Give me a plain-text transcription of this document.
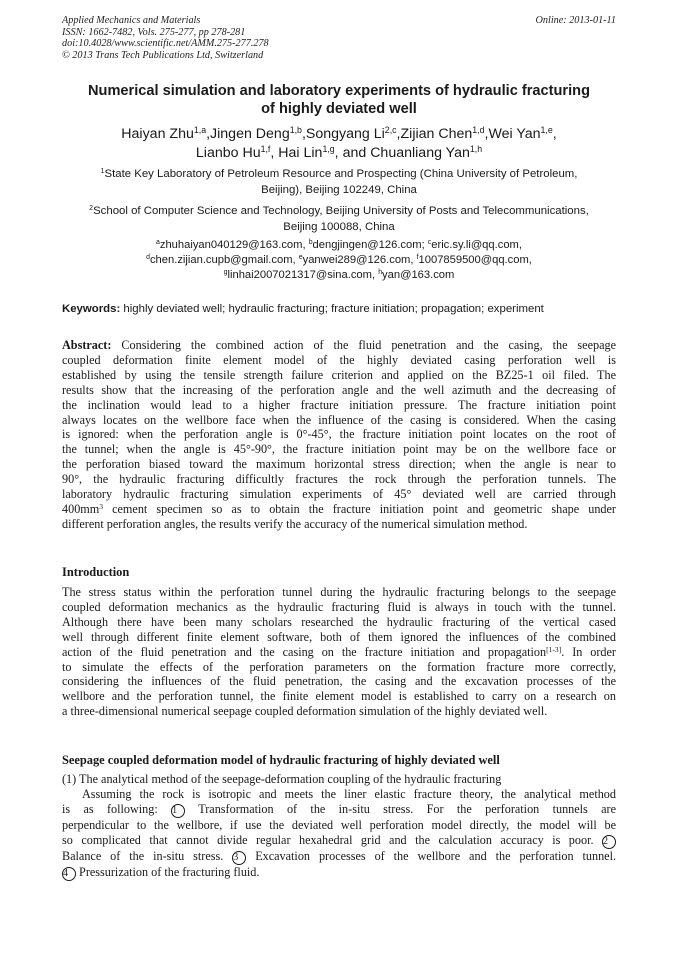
Applied Mechanics and Materials
ISSN: 1662-7482, Vols. 275-277, pp 278-281
doi:10.4028/www.scientific.net/AMM.275-277.278
© 2013 Trans Tech Publications Ltd, Switzerland
Online: 2013-01-11
Numerical simulation and laboratory experiments of hydraulic fracturing
of highly deviated well
Haiyan Zhu$^{1,a}$,Jingen Deng$^{1,b}$,Songyang Li$^{2,c}$,Zijian Chen$^{1,d}$,Wei Yan$^{1,e}$,
Lianbo Hu$^{1,f}$, Hai Lin$^{1,g}$, and Chuanliang Yan$^{1,h}$
$^1$State Key Laboratory of Petroleum Resource and Prospecting (China University of Petroleum,
Beijing), Beijing 102249, China
$^2$School of Computer Science and Technology, Beijing University of Posts and Telecommunications,
Beijing 100088, China
$^a$zhuhaiyan040129@163.com, $^b$dengjingen@126.com; $^c$eric.sy.li@qq.com,
$^d$chen.zijian.cupb@gmail.com, $^e$yanwei289@126.com, $^f$1007859500@qq.com,
$^g$linhai2007021317@sina.com, $^h$yan@163.com
Keywords: highly deviated well; hydraulic fracturing; fracture initiation; propagation; experiment
Abstract: Considering the combined action of the fluid penetration and the casing, the seepage
coupled deformation finite element model of the highly deviated casing perforation well is
established by using the tensile strength failure criterion and applied on the BZ25-1 oil filed. The
results show that the increasing of the perforation angle and the well azimuth and the decreasing of
the inclination would lead to a higher fracture initiation pressure. The fracture initiation point
always locates on the wellbore face when the influence of the casing is considered. When the casing
is ignored: when the perforation angle is 0°-45°, the fracture initiation point locates on the root of
the tunnel; when the angle is 45°-90°, the fracture initiation point may be on the wellbore face or
the perforation biased toward the maximum horizontal stress direction; when the angle is near to
90°, the hydraulic fracturing difficultly fractures the rock through the perforation tunnels. The
laboratory hydraulic fracturing simulation experiments of 45° deviated well are carried through
$400mm^3$ cement specimen so as to obtain the fracture initiation point and geometric shape under
different perforation angles, the results verify the accuracy of the numerical simulation method.
Introduction
The stress status within the perforation tunnel during the hydraulic fracturing belongs to the seepage
coupled deformation mechanics as the hydraulic fracturing fluid is always in touch with the tunnel.
Although there have been many scholars researched the hydraulic fracturing of the vertical cased
well through different finite element software, both of them ignored the influences of the combined
action of the fluid penetration and the casing on the fracture initiation and propagation[1-3]. In order
to simulate the effects of the perforation parameters on the formation fracture more correctly,
considering the influences of the fluid penetration, the casing and the excavation processes of the
wellbore and the perforation tunnel, the finite element model is established to carry on a research on
a three-dimensional numerical seepage coupled deformation simulation of the highly deviated well.
Seepage coupled deformation model of hydraulic fracturing of highly deviated well
(1) The analytical method of the seepage-deformation coupling of the hydraulic fracturing
Assuming the rock is isotropic and meets the liner elastic fracture theory, the analytical method
is as following: 1 Transformation of the in-situ stress. For the perforation tunnels are
perpendicular to the wellbore, if use the deviated well perforation model directly, the model will be
so complicated that cannot divide regular hexahedral grid and the calculation accuracy is poor. 2
Balance of the in-situ stress. 3 Excavation processes of the wellbore and the perforation tunnel.
4 Pressurization of the fracturing fluid.
